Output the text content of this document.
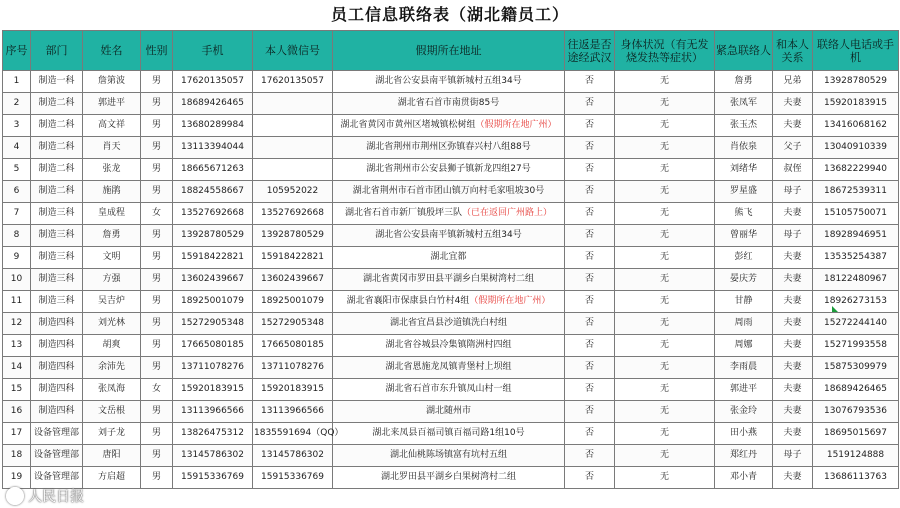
员工信息联络表（湖北籍员工）
序号	部门	姓名	性别	手机	本人微信号	假期所在地址	往返是否途经武汉	身体状况（有无发烧发热等症状）	紧急联络人	和本人关系	联络人电话或手机
1	制造一科	詹第波	男	17620135057	17620135057	湖北省公安县南平镇新城村五组34号	否	无	詹勇	兄弟	13928780529
2	制造二科	郭进平	男	18689426465		湖北省石首市南贯街85号	否	无	张凤军	夫妻	15920183915
3	制造二科	高文祥	男	13680289984		湖北省黄冈市黄州区堵城镇松树组（假期所在地广州）	否	无	张玉杰	夫妻	13416068162
4	制造二科	肖天	男	13113394044		湖北省荆州市荆州区弥镇春兴村八组88号	否	无	肖依泉	父子	13040910339
5	制造二科	张龙	男	18665671263		湖北省荆州市公安县狮子镇新龙四组27号	否	无	刘绪华	叔侄	13682229940
6	制造二科	施鹃	男	18824558667	105952022	湖北省荆州市石首市团山镇万向村毛家咀坡30号	否	无	罗星盛	母子	18672539311
7	制造三科	皇成程	女	13527692668	13527692668	湖北省石首市新厂镇殷坪三队（已在返回广州路上）	否	无	熊飞	夫妻	15105750071
8	制造三科	詹勇	男	13928780529	13928780529	湖北省公安县南平镇新城村五组34号	否	无	曾丽华	母子	18928946951
9	制造三科	文明	男	15918422821	15918422821	湖北宜都	否	无	彭红	夫妻	13535254387
10	制造三科	方强	男	13602439667	13602439667	湖北省黄冈市罗田县平湖乡白果树湾村二组	否	无	晏庆芳	夫妻	18122480967
11	制造三科	吴吉炉	男	18925001079	18925001079	湖北省襄阳市保康县白竹村4组（假期所在地广州）	否	无	甘静	夫妻	18926273153
12	制造四科	刘光林	男	15272905348	15272905348	湖北省宜昌县沙道镇洗白村组	否	无	周雨	夫妻	15272244140
13	制造四科	胡爽	男	17665080185	17665080185	湖北省谷城县冷集镇隋洲村四组	否	无	周娜	夫妻	15271993558
14	制造四科	余沛先	男	13711078276	13711078276	湖北省恩施龙凤镇青堡村上坝组	否	无	李雨晨	夫妻	15875309979
15	制造四科	张凤海	女	15920183915	15920183915	湖北省石首市东升镇凤山村一组	否	无	郭进平	夫妻	18689426465
16	制造四科	文岳根	男	13113966566	13113966566	湖北随州市	否	无	张金玲	夫妻	13076793536
17	设备管理部	刘子龙	男	13826475312	1835591694（QQ）	湖北来凤县百福司镇百福司路1组10号	否	无	田小燕	夫妻	18695015697
18	设备管理部	唐阳	男	13145786302	13145786302	湖北仙桃陈场镇富有坑村五组	否	无	郑红丹	母子	1519124888
19	设备管理部	方启超	男	15915336769	15915336769	湖北罗田县平湖乡白果树湾村二组	否	无	邓小青	夫妻	13686113763
人民日报
